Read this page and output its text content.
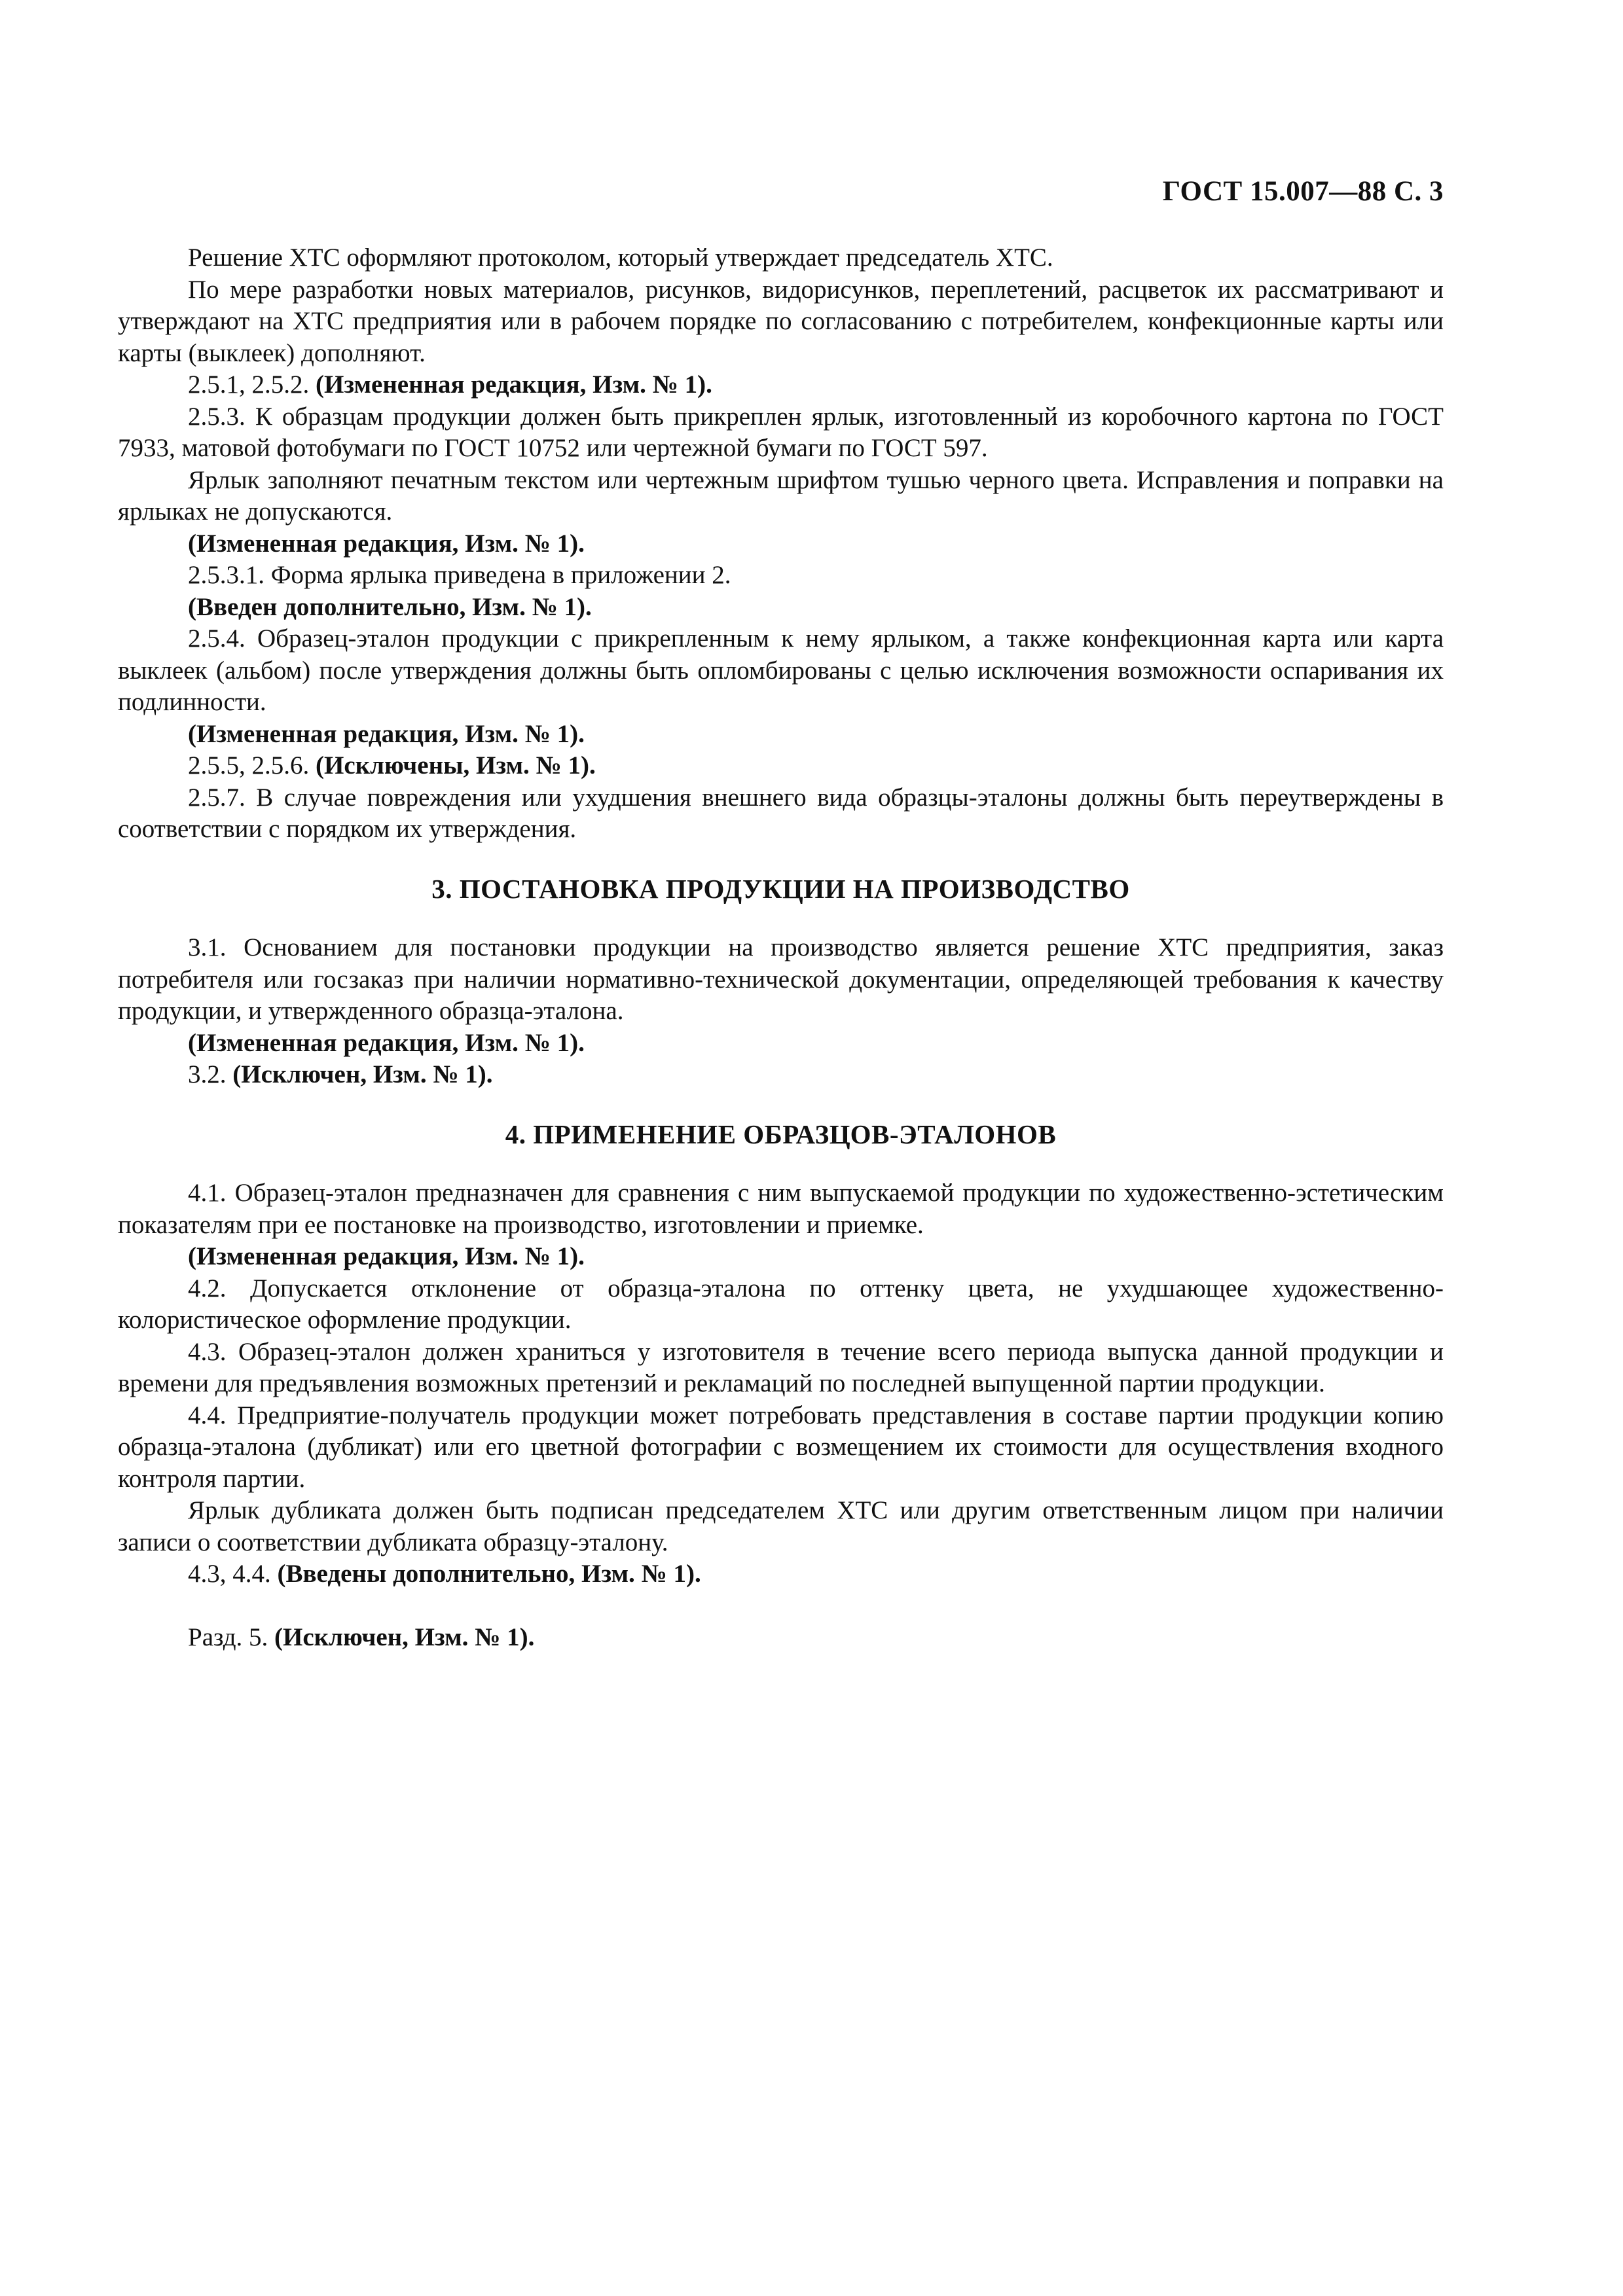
ГОСТ 15.007—88 С. 3

Решение ХТС оформляют протоколом, который утверждает председатель ХТС.

По мере разработки новых материалов, рисунков, видорисунков, переплетений, расцветок их рассматривают и утверждают на ХТС предприятия или в рабочем порядке по согласованию с потребителем, конфекционные карты или карты (выклеек) дополняют.

2.5.1, 2.5.2. (Измененная редакция, Изм. № 1).

2.5.3. К образцам продукции должен быть прикреплен ярлык, изготовленный из коробочного картона по ГОСТ 7933, матовой фотобумаги по ГОСТ 10752 или чертежной бумаги по ГОСТ 597.

Ярлык заполняют печатным текстом или чертежным шрифтом тушью черного цвета. Исправления и поправки на ярлыках не допускаются.

(Измененная редакция, Изм. № 1).

2.5.3.1. Форма ярлыка приведена в приложении 2.

(Введен дополнительно, Изм. № 1).

2.5.4. Образец-эталон продукции с прикрепленным к нему ярлыком, а также конфекционная карта или карта выклеек (альбом) после утверждения должны быть опломбированы с целью исключения возможности оспаривания их подлинности.

(Измененная редакция, Изм. № 1).

2.5.5, 2.5.6. (Исключены, Изм. № 1).

2.5.7. В случае повреждения или ухудшения внешнего вида образцы-эталоны должны быть переутверждены в соответствии с порядком их утверждения.

3. ПОСТАНОВКА ПРОДУКЦИИ НА ПРОИЗВОДСТВО

3.1. Основанием для постановки продукции на производство является решение ХТС предприятия, заказ потребителя или госзаказ при наличии нормативно-технической документации, определяющей требования к качеству продукции, и утвержденного образца-эталона.

(Измененная редакция, Изм. № 1).

3.2. (Исключен, Изм. № 1).

4. ПРИМЕНЕНИЕ ОБРАЗЦОВ-ЭТАЛОНОВ

4.1. Образец-эталон предназначен для сравнения с ним выпускаемой продукции по художественно-эстетическим показателям при ее постановке на производство, изготовлении и приемке.

(Измененная редакция, Изм. № 1).

4.2. Допускается отклонение от образца-эталона по оттенку цвета, не ухудшающее художественно-колористическое оформление продукции.

4.3. Образец-эталон должен храниться у изготовителя в течение всего периода выпуска данной продукции и времени для предъявления возможных претензий и рекламаций по последней выпущенной партии продукции.

4.4. Предприятие-получатель продукции может потребовать представления в составе партии продукции копию образца-эталона (дубликат) или его цветной фотографии с возмещением их стоимости для осуществления входного контроля партии.

Ярлык дубликата должен быть подписан председателем ХТС или другим ответственным лицом при наличии записи о соответствии дубликата образцу-эталону.

4.3, 4.4. (Введены дополнительно, Изм. № 1).

Разд. 5. (Исключен, Изм. № 1).
